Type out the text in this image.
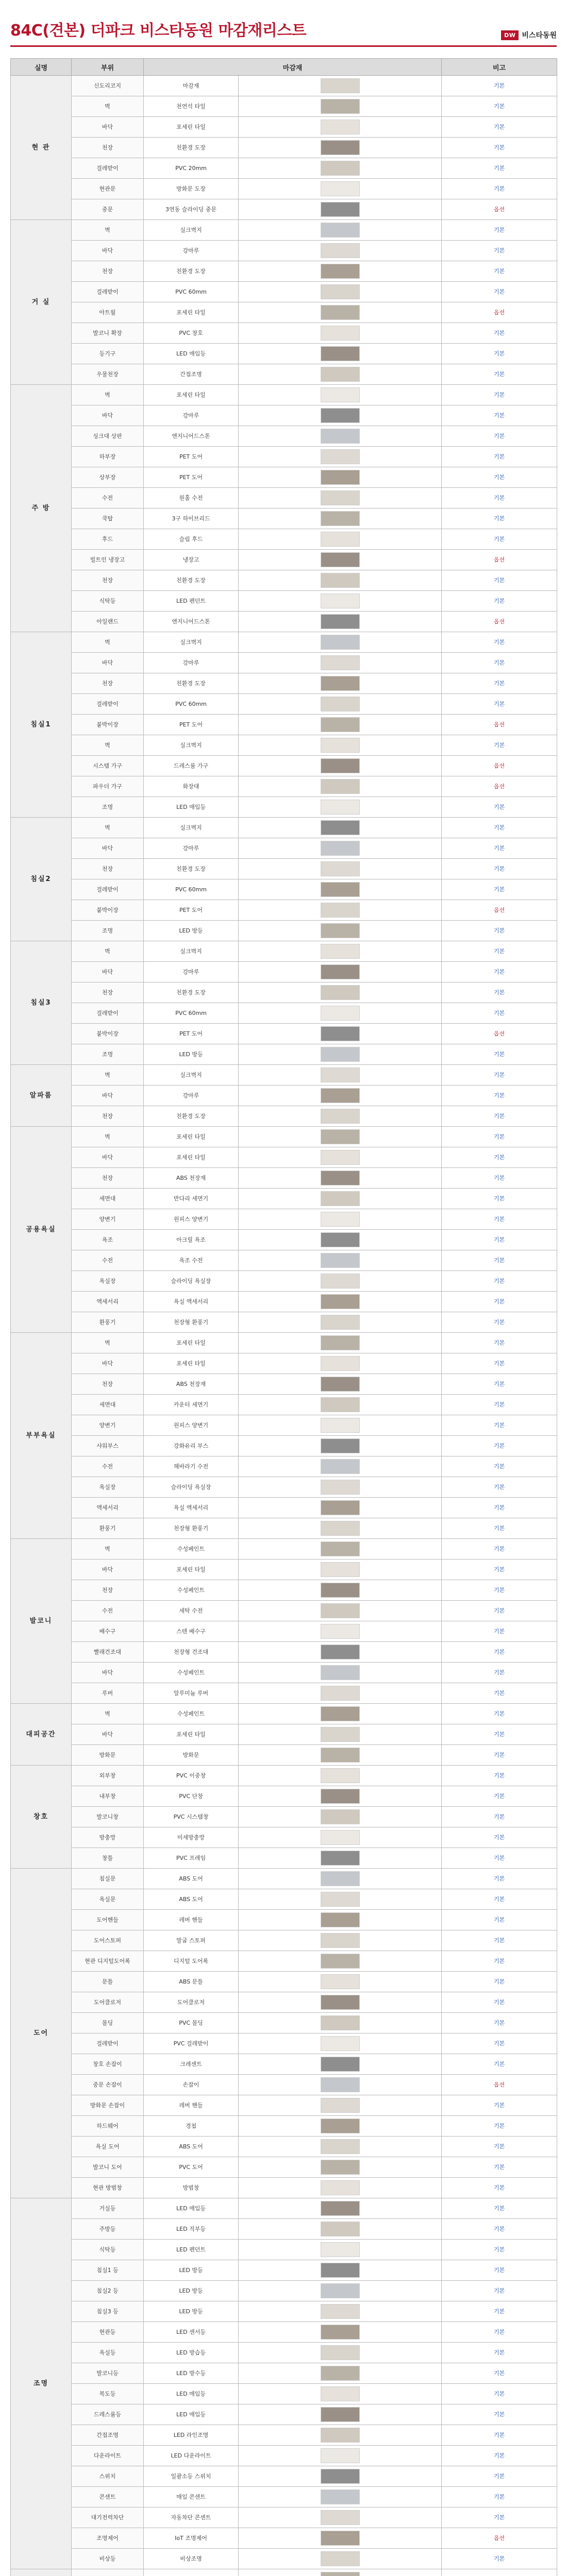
84C(견본) 더파크 비스타동원 마감재리스트	DW 비스타동원
실명	부위	마감재		비고
현 관	신도리코지	마감재		기본
	벽	천연석 타일		기본
	바닥	포세린 타일		기본
	천장	친환경 도장		기본
	걸레받이	PVC 20mm		기본
	현관문	방화문 도장		기본
	중문	3연동 슬라이딩 중문		옵션
거 실	벽	실크벽지		기본
	바닥	강마루		기본
	천장	친환경 도장		기본
	걸레받이	PVC 60mm		기본
	아트월	포세린 타일		옵션
	발코니 확장	PVC 창호		기본
	등기구	LED 매입등		기본
	우물천장	간접조명		기본
주 방	벽	포세린 타일		기본
	바닥	강마루		기본
	싱크대 상판	엔지니어드스톤		기본
	하부장	PET 도어		기본
	상부장	PET 도어		기본
	수전	원홀 수전		기본
	쿡탑	3구 하이브리드		기본
	후드	슬림 후드		기본
	빌트인 냉장고	냉장고		옵션
	천장	친환경 도장		기본
	식탁등	LED 펜던트		기본
	아일랜드	엔지니어드스톤		옵션
침실1	벽	실크벽지		기본
	바닥	강마루		기본
	천장	친환경 도장		기본
	걸레받이	PVC 60mm		기본
	붙박이장	PET 도어		옵션
	벽	실크벽지		기본
	시스템 가구	드레스룸 가구		옵션
	파우더 가구	화장대		옵션
	조명	LED 매입등		기본
침실2	벽	실크벽지		기본
	바닥	강마루		기본
	천장	친환경 도장		기본
	걸레받이	PVC 60mm		기본
	붙박이장	PET 도어		옵션
	조명	LED 방등		기본
침실3	벽	실크벽지		기본
	바닥	강마루		기본
	천장	친환경 도장		기본
	걸레받이	PVC 60mm		기본
	붙박이장	PET 도어		옵션
	조명	LED 방등		기본
알파룸	벽	실크벽지		기본
	바닥	강마루		기본
	천장	친환경 도장		기본
공용욕실	벽	포세린 타일		기본
	바닥	포세린 타일		기본
	천장	ABS 천장재		기본
	세면대	반다리 세면기		기본
	양변기	원피스 양변기		기본
	욕조	아크릴 욕조		기본
	수전	욕조 수전		기본
	욕실장	슬라이딩 욕실장		기본
	액세서리	욕실 액세서리		기본
	환풍기	천장형 환풍기		기본
부부욕실	벽	포세린 타일		기본
	바닥	포세린 타일		기본
	천장	ABS 천장재		기본
	세면대	카운터 세면기		기본
	양변기	원피스 양변기		기본
	샤워부스	강화유리 부스		기본
	수전	해바라기 수전		기본
	욕실장	슬라이딩 욕실장		기본
	액세서리	욕실 액세서리		기본
	환풍기	천장형 환풍기		기본
발코니	벽	수성페인트		기본
	바닥	포세린 타일		기본
	천장	수성페인트		기본
	수전	세탁 수전		기본
	배수구	스텐 배수구		기본
	빨래건조대	천장형 건조대		기본
	바닥	수성페인트		기본
	루버	알루미늄 루버		기본
대피공간	벽	수성페인트		기본
	바닥	포세린 타일		기본
	방화문	방화문		기본
창호	외부창	PVC 이중창		기본
	내부창	PVC 단창		기본
	발코니창	PVC 시스템창		기본
	방충망	미세방충망		기본
	창틀	PVC 프레임		기본
도어	침실문	ABS 도어		기본
	욕실문	ABS 도어		기본
	도어핸들	레버 핸들		기본
	도어스토퍼	말굽 스토퍼		기본
	현관 디지털도어록	디지털 도어록		기본
	문틀	ABS 문틀		기본
	도어클로저	도어클로저		기본
	몰딩	PVC 몰딩		기본
	걸레받이	PVC 걸레받이		기본
	창호 손잡이	크레센트		기본
	중문 손잡이	손잡이		옵션
	방화문 손잡이	레버 핸들		기본
	하드웨어	경첩		기본
	욕실 도어	ABS 도어		기본
	발코니 도어	PVC 도어		기본
	현관 방범창	방범창		기본
조명	거실등	LED 매입등		기본
	주방등	LED 직부등		기본
	식탁등	LED 펜던트		기본
	침실1 등	LED 방등		기본
	침실2 등	LED 방등		기본
	침실3 등	LED 방등		기본
	현관등	LED 센서등		기본
	욕실등	LED 방습등		기본
	발코니등	LED 방수등		기본
	복도등	LED 매입등		기본
	드레스룸등	LED 매입등		기본
	간접조명	LED 라인조명		기본
	다운라이트	LED 다운라이트		기본
	스위치	일괄소등 스위치		기본
	콘센트	매입 콘센트		기본
	대기전력차단	자동차단 콘센트		기본
	조명제어	IoT 조명제어		옵션
	비상등	비상조명		기본
